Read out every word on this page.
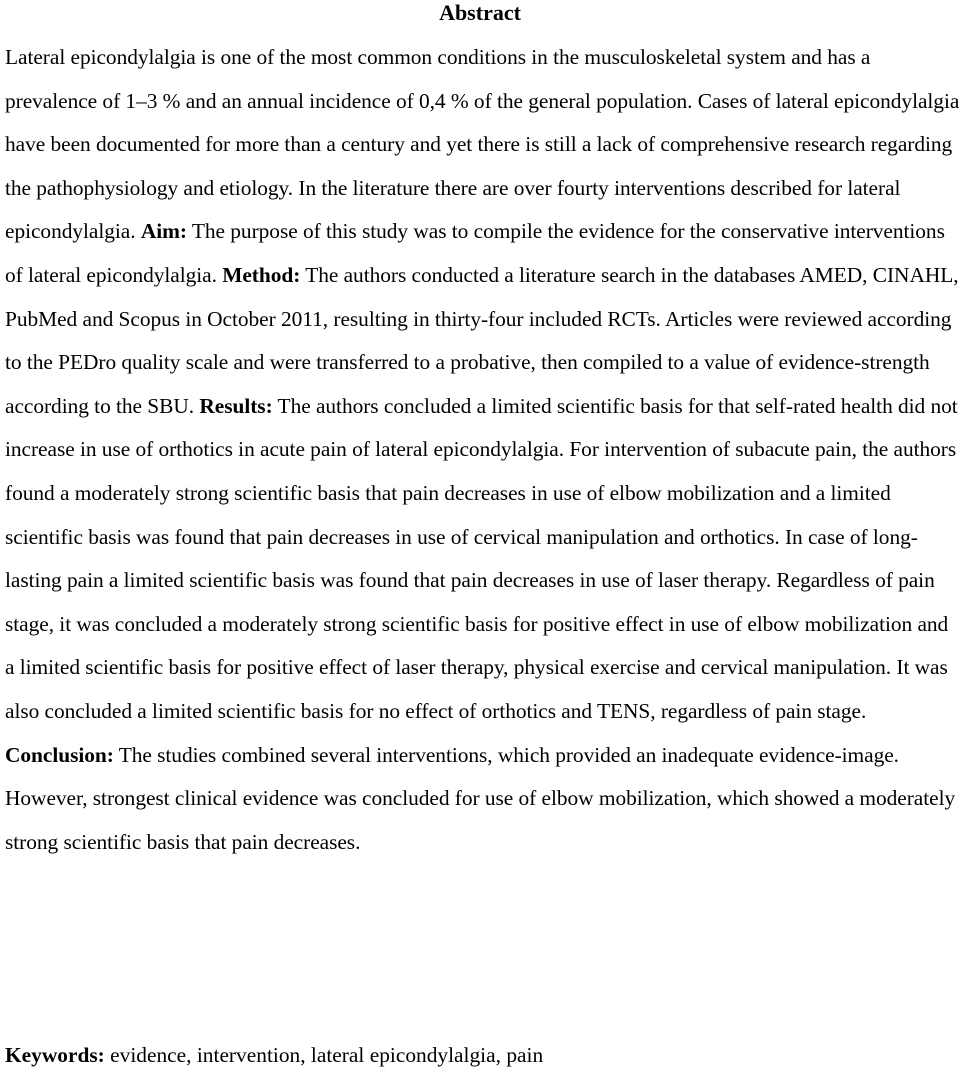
Abstract

Lateral epicondylalgia is one of the most common conditions in the musculoskeletal system and has a prevalence of 1–3 % and an annual incidence of 0,4 % of the general population. Cases of lateral epicondylalgia have been documented for more than a century and yet there is still a lack of comprehensive research regarding the pathophysiology and etiology. In the literature there are over fourty interventions described for lateral epicondylalgia. Aim: The purpose of this study was to compile the evidence for the conservative interventions of lateral epicondylalgia. Method: The authors conducted a literature search in the databases AMED, CINAHL, PubMed and Scopus in October 2011, resulting in thirty-four included RCTs. Articles were reviewed according to the PEDro quality scale and were transferred to a probative, then compiled to a value of evidence-strength according to the SBU. Results: The authors concluded a limited scientific basis for that self-rated health did not increase in use of orthotics in acute pain of lateral epicondylalgia. For intervention of subacute pain, the authors found a moderately strong scientific basis that pain decreases in use of elbow mobilization and a limited scientific basis was found that pain decreases in use of cervical manipulation and orthotics. In case of long-lasting pain a limited scientific basis was found that pain decreases in use of laser therapy. Regardless of pain stage, it was concluded a moderately strong scientific basis for positive effect in use of elbow mobilization and a limited scientific basis for positive effect of laser therapy, physical exercise and cervical manipulation. It was also concluded a limited scientific basis for no effect of orthotics and TENS, regardless of pain stage. Conclusion: The studies combined several interventions, which provided an inadequate evidence-image. However, strongest clinical evidence was concluded for use of elbow mobilization, which showed a moderately strong scientific basis that pain decreases.

Keywords: evidence, intervention, lateral epicondylalgia, pain
